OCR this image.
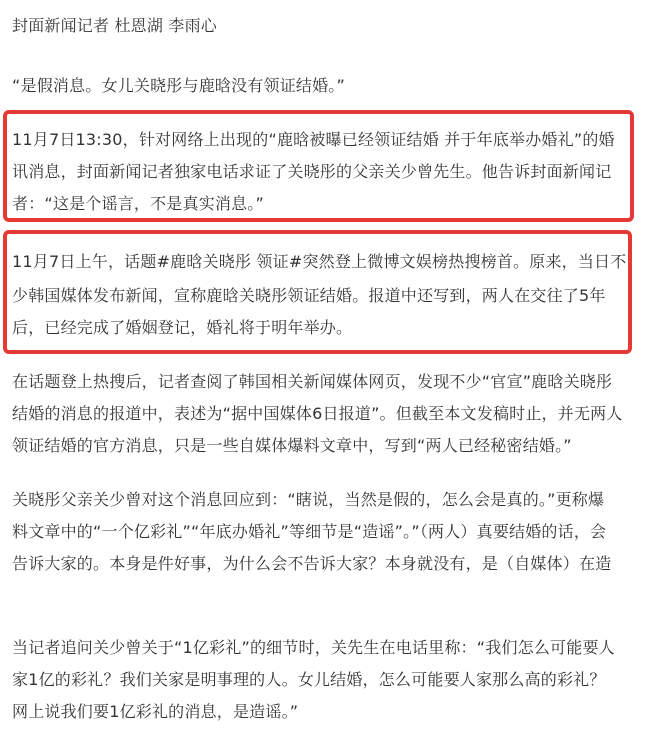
封面新闻记者 杜恩湖 李雨心
“是假消息。女儿关晓彤与鹿晗没有领证结婚。”
11月7日13:30，针对网络上出现的“鹿晗被曝已经领证结婚 并于年底举办婚礼”的婚
讯消息，封面新闻记者独家电话求证了关晓彤的父亲关少曾先生。他告诉封面新闻记
者：“这是个谣言，不是真实消息。”
11月7日上午，话题#鹿晗关晓彤 领证#突然登上微博文娱榜热搜榜首。原来，当日不
少韩国媒体发布新闻，宣称鹿晗关晓彤领证结婚。报道中还写到，两人在交往了5年
后，已经完成了婚姻登记，婚礼将于明年举办。
在话题登上热搜后，记者查阅了韩国相关新闻媒体网页，发现不少“官宣”鹿晗关晓彤
结婚的消息的报道中，表述为“据中国媒体6日报道”。但截至本文发稿时止，并无两人
领证结婚的官方消息，只是一些自媒体爆料文章中，写到“两人已经秘密结婚。”
关晓彤父亲关少曾对这个消息回应到：“瞎说，当然是假的，怎么会是真的。”更称爆
料文章中的“一个亿彩礼”“年底办婚礼”等细节是“造谣”。”（两人）真要结婚的话，会
告诉大家的。本身是件好事，为什么会不告诉大家？本身就没有，是（自媒体）在造
当记者追问关少曾关于“1亿彩礼”的细节时，关先生在电话里称：“我们怎么可能要人
家1亿的彩礼？我们关家是明事理的人。女儿结婚，怎么可能要人家那么高的彩礼？
网上说我们要1亿彩礼的消息，是造谣。”
